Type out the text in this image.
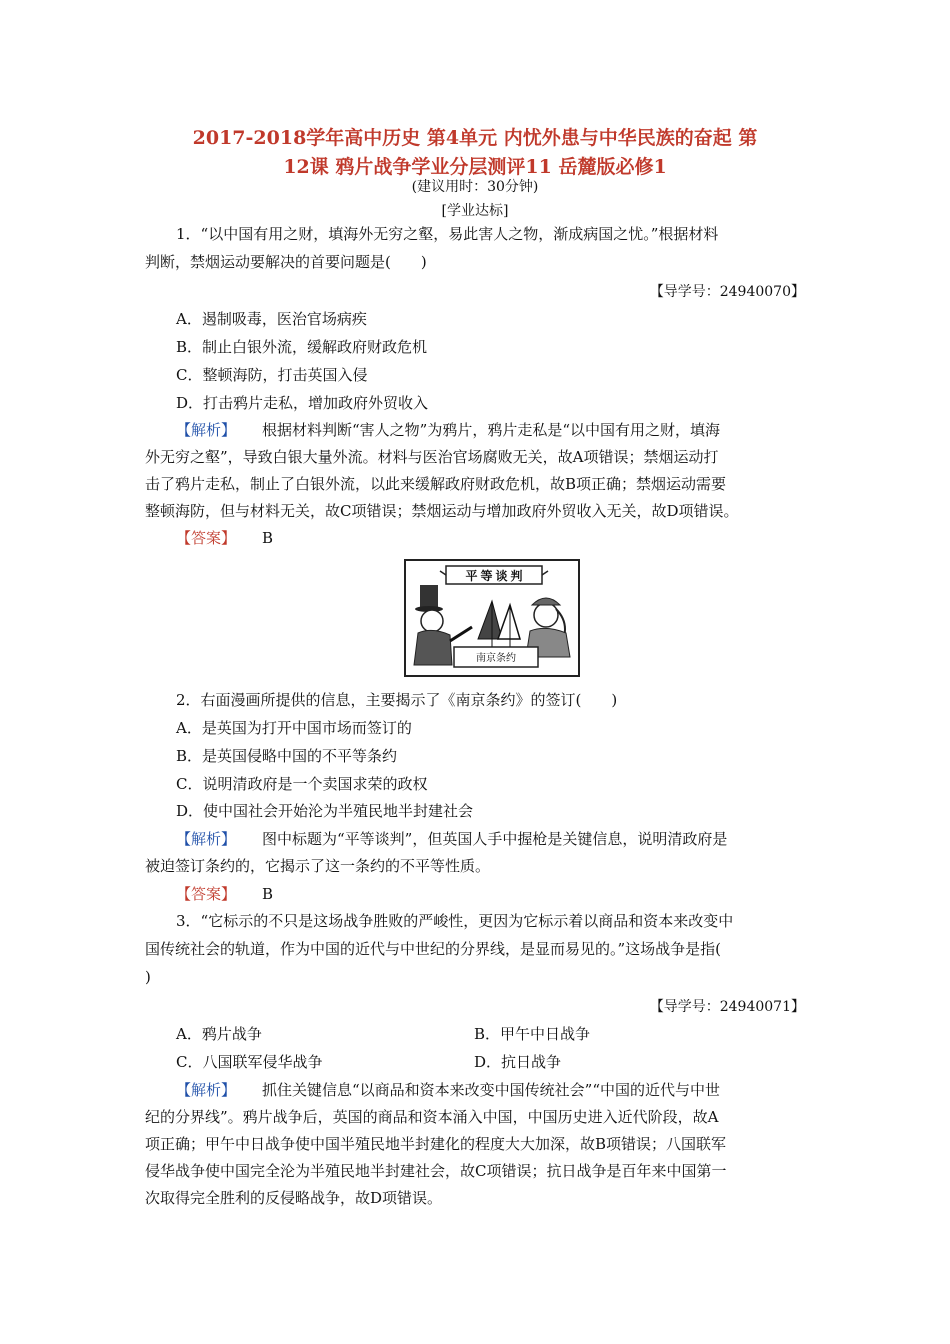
2017-2018学年高中历史 第4单元 内忧外患与中华民族的奋起 第
12课 鸦片战争学业分层测评11 岳麓版必修1
(建议用时：30分钟)
[学业达标]
1．“以中国有用之财，填海外无穷之壑，易此害人之物，渐成病国之忧。”根据材料
判断，禁烟运动要解决的首要问题是(　　)
【导学号：24940070】
A．遏制吸毒，医治官场病疾
B．制止白银外流，缓解政府财政危机
C．整顿海防，打击英国入侵
D．打击鸦片走私，增加政府外贸收入
【解析】 根据材料判断“害人之物”为鸦片，鸦片走私是“以中国有用之财，填海
外无穷之壑”，导致白银大量外流。材料与医治官场腐败无关，故A项错误；禁烟运动打
击了鸦片走私，制止了白银外流，以此来缓解政府财政危机，故B项正确；禁烟运动需要
整顿海防，但与材料无关，故C项错误；禁烟运动与增加政府外贸收入无关，故D项错误。
【答案】 B
平 等 谈 判
南京条约
2．右面漫画所提供的信息，主要揭示了《南京条约》的签订(　　)
A．是英国为打开中国市场而签订的
B．是英国侵略中国的不平等条约
C．说明清政府是一个卖国求荣的政权
D．使中国社会开始沦为半殖民地半封建社会
【解析】 图中标题为“平等谈判”，但英国人手中握枪是关键信息，说明清政府是
被迫签订条约的，它揭示了这一条约的不平等性质。
【答案】 B
3．“它标示的不只是这场战争胜败的严峻性，更因为它标示着以商品和资本来改变中
国传统社会的轨道，作为中国的近代与中世纪的分界线，是显而易见的。”这场战争是指(
)
【导学号：24940071】
A．鸦片战争	B．甲午中日战争
C．八国联军侵华战争	D．抗日战争
【解析】 抓住关键信息“以商品和资本来改变中国传统社会”“中国的近代与中世
纪的分界线”。鸦片战争后，英国的商品和资本涌入中国，中国历史进入近代阶段，故A
项正确；甲午中日战争使中国半殖民地半封建化的程度大大加深，故B项错误；八国联军
侵华战争使中国完全沦为半殖民地半封建社会，故C项错误；抗日战争是百年来中国第一
次取得完全胜利的反侵略战争，故D项错误。
